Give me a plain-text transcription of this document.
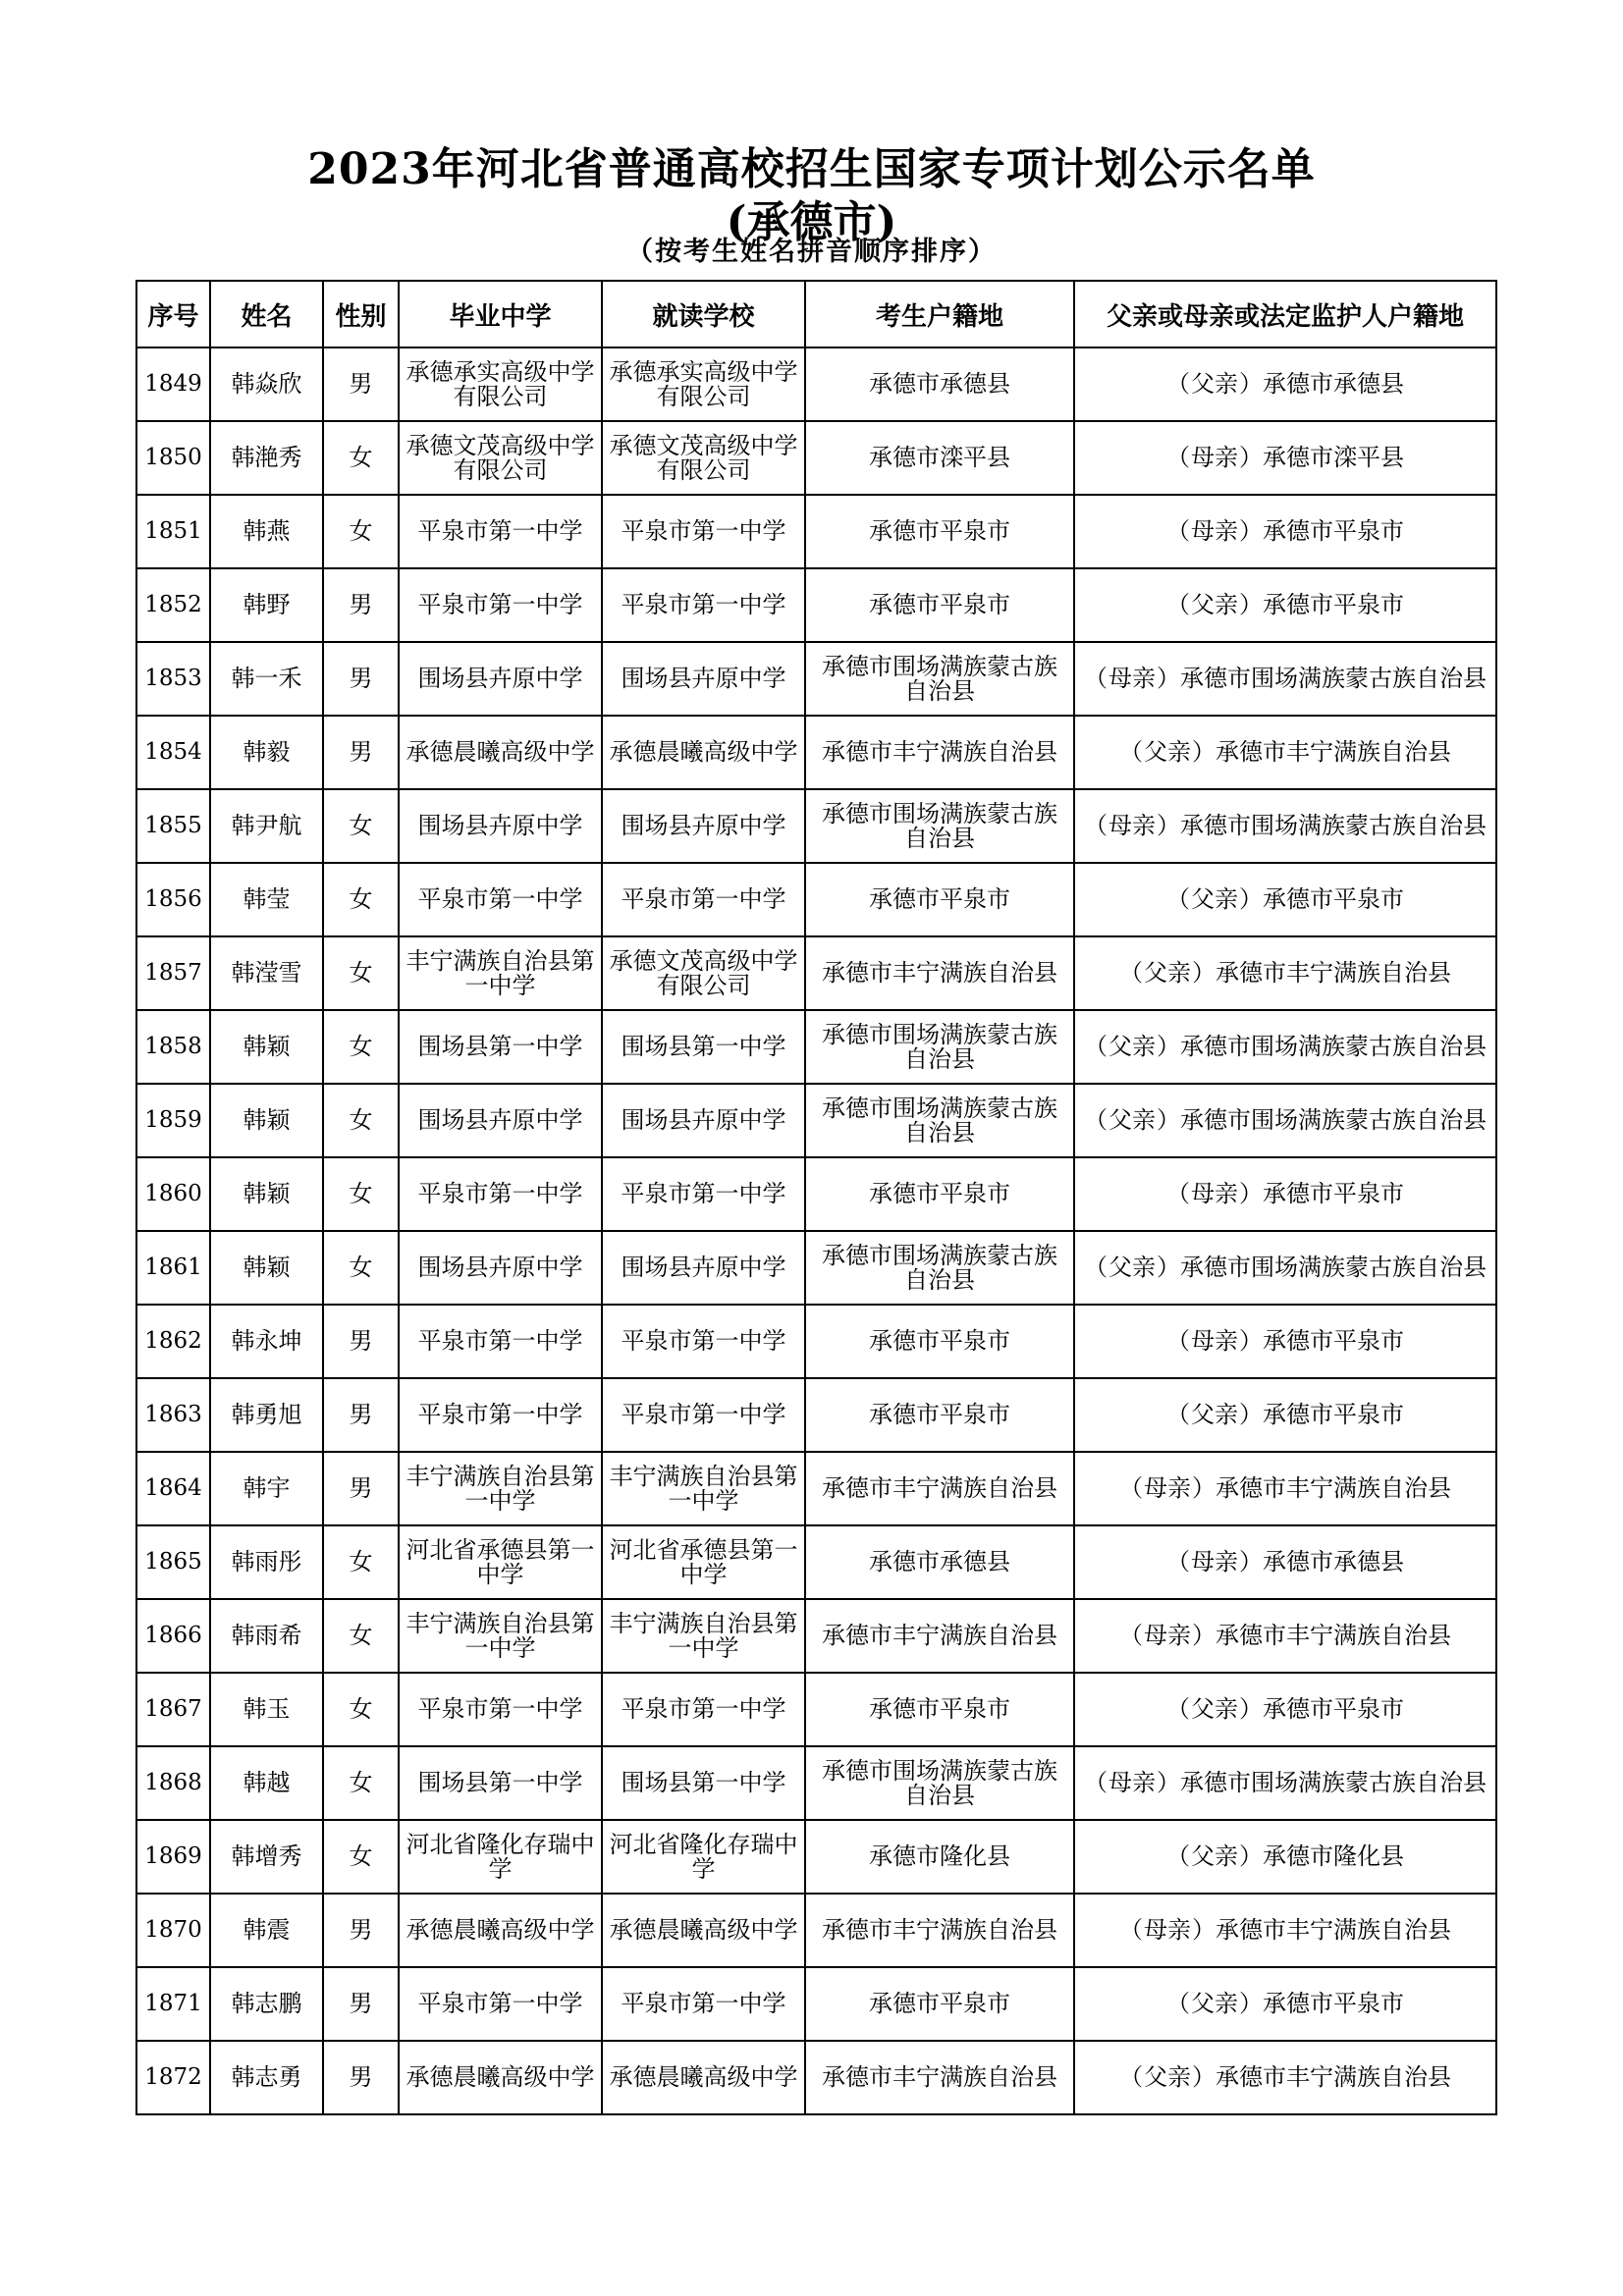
2023年河北省普通高校招生国家专项计划公示名单
(承德市)
（按考生姓名拼音顺序排序）
序号	姓名	性别	毕业中学	就读学校	考生户籍地	父亲或母亲或法定监护人户籍地
1849	韩焱欣	男	承德承实高级中学有限公司	承德承实高级中学有限公司	承德市承德县	（父亲）承德市承德县
1850	韩滟秀	女	承德文茂高级中学有限公司	承德文茂高级中学有限公司	承德市滦平县	（母亲）承德市滦平县
1851	韩燕	女	平泉市第一中学	平泉市第一中学	承德市平泉市	（母亲）承德市平泉市
1852	韩野	男	平泉市第一中学	平泉市第一中学	承德市平泉市	（父亲）承德市平泉市
1853	韩一禾	男	围场县卉原中学	围场县卉原中学	承德市围场满族蒙古族自治县	（母亲）承德市围场满族蒙古族自治县
1854	韩毅	男	承德晨曦高级中学	承德晨曦高级中学	承德市丰宁满族自治县	（父亲）承德市丰宁满族自治县
1855	韩尹航	女	围场县卉原中学	围场县卉原中学	承德市围场满族蒙古族自治县	（母亲）承德市围场满族蒙古族自治县
1856	韩莹	女	平泉市第一中学	平泉市第一中学	承德市平泉市	（父亲）承德市平泉市
1857	韩滢雪	女	丰宁满族自治县第一中学	承德文茂高级中学有限公司	承德市丰宁满族自治县	（父亲）承德市丰宁满族自治县
1858	韩颖	女	围场县第一中学	围场县第一中学	承德市围场满族蒙古族自治县	（父亲）承德市围场满族蒙古族自治县
1859	韩颖	女	围场县卉原中学	围场县卉原中学	承德市围场满族蒙古族自治县	（父亲）承德市围场满族蒙古族自治县
1860	韩颖	女	平泉市第一中学	平泉市第一中学	承德市平泉市	（母亲）承德市平泉市
1861	韩颖	女	围场县卉原中学	围场县卉原中学	承德市围场满族蒙古族自治县	（父亲）承德市围场满族蒙古族自治县
1862	韩永坤	男	平泉市第一中学	平泉市第一中学	承德市平泉市	（母亲）承德市平泉市
1863	韩勇旭	男	平泉市第一中学	平泉市第一中学	承德市平泉市	（父亲）承德市平泉市
1864	韩宇	男	丰宁满族自治县第一中学	丰宁满族自治县第一中学	承德市丰宁满族自治县	（母亲）承德市丰宁满族自治县
1865	韩雨彤	女	河北省承德县第一中学	河北省承德县第一中学	承德市承德县	（母亲）承德市承德县
1866	韩雨希	女	丰宁满族自治县第一中学	丰宁满族自治县第一中学	承德市丰宁满族自治县	（母亲）承德市丰宁满族自治县
1867	韩玉	女	平泉市第一中学	平泉市第一中学	承德市平泉市	（父亲）承德市平泉市
1868	韩越	女	围场县第一中学	围场县第一中学	承德市围场满族蒙古族自治县	（母亲）承德市围场满族蒙古族自治县
1869	韩增秀	女	河北省隆化存瑞中学	河北省隆化存瑞中学	承德市隆化县	（父亲）承德市隆化县
1870	韩震	男	承德晨曦高级中学	承德晨曦高级中学	承德市丰宁满族自治县	（母亲）承德市丰宁满族自治县
1871	韩志鹏	男	平泉市第一中学	平泉市第一中学	承德市平泉市	（父亲）承德市平泉市
1872	韩志勇	男	承德晨曦高级中学	承德晨曦高级中学	承德市丰宁满族自治县	（父亲）承德市丰宁满族自治县
